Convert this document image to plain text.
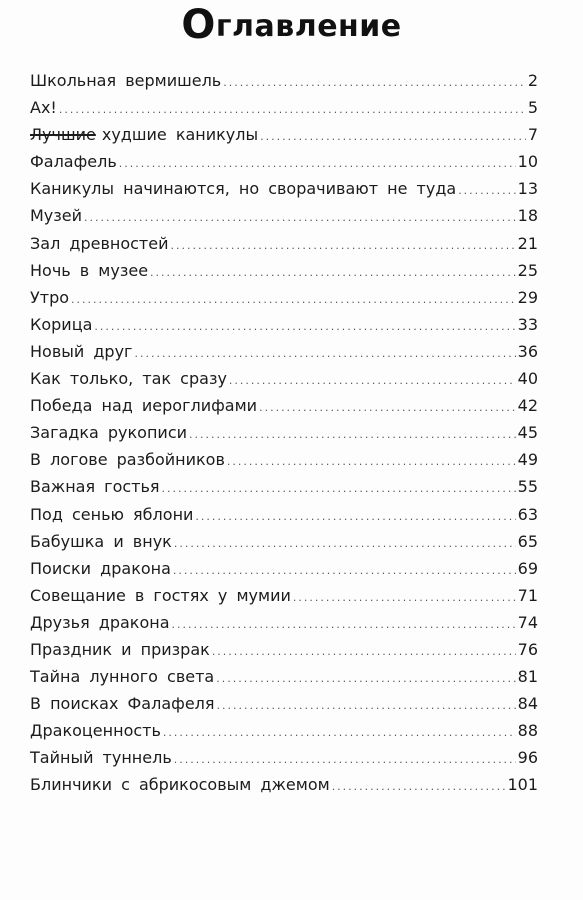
Оглавление
Школьная вермишель .....	2
Ах! .....	5
Лучшие худшие каникулы .....	7
Фалафель .....	10
Каникулы начинаются, но сворачивают не туда .....	13
Музей .....	18
Зал древностей .....	21
Ночь в музее .....	25
Утро .....	29
Корица .....	33
Новый друг .....	36
Как только, так сразу .....	40
Победа над иероглифами .....	42
Загадка рукописи .....	45
В логове разбойников .....	49
Важная гостья .....	55
Под сенью яблони .....	63
Бабушка и внук .....	65
Поиски дракона .....	69
Совещание в гостях у мумии .....	71
Друзья дракона .....	74
Праздник и призрак .....	76
Тайна лунного света .....	81
В поисках Фалафеля .....	84
Дракоценность .....	88
Тайный туннель .....	96
Блинчики с абрикосовым джемом .....	101
